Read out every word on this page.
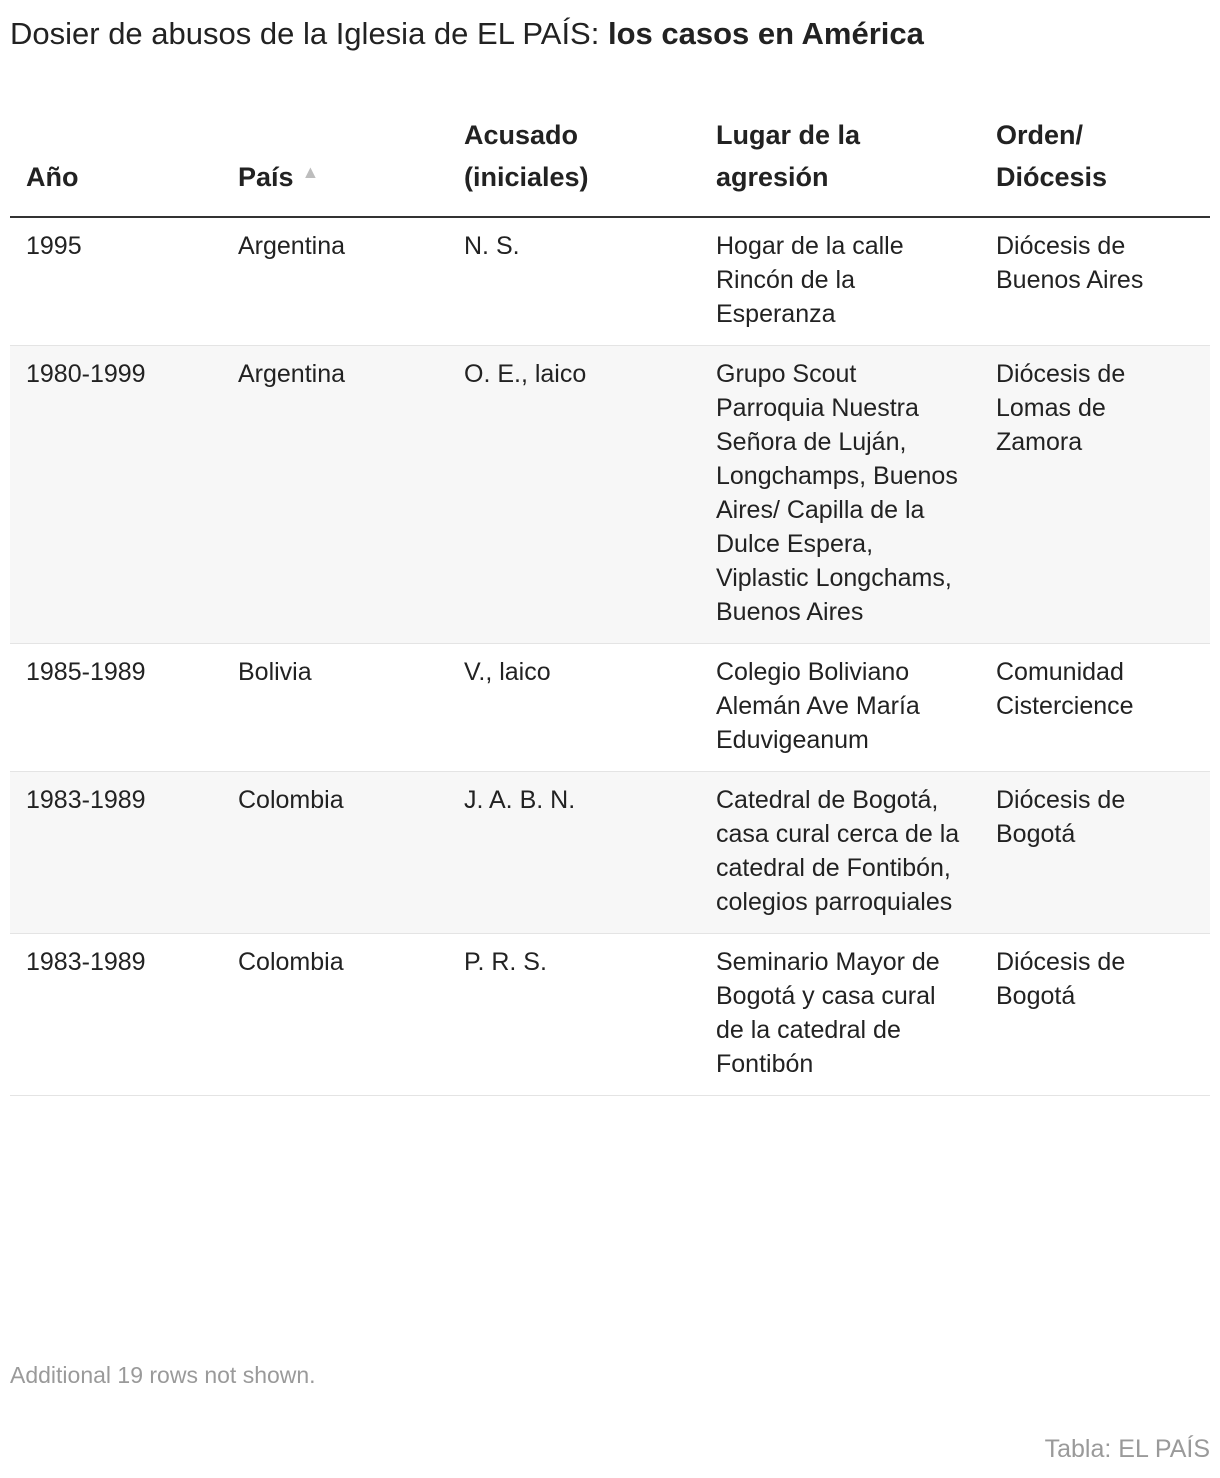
Dosier de abusos de la Iglesia de EL PAÍS: los casos en América
Año	País ▲	Acusado (iniciales)	Lugar de la agresión	Orden/ Diócesis
1995	Argentina	N. S.	Hogar de la calle Rincón de la Esperanza	Diócesis de Buenos Aires
1980-1999	Argentina	O. E., laico	Grupo Scout Parroquia Nuestra Señora de Luján, Longchamps, Buenos Aires/ Capilla de la Dulce Espera, Viplastic Longchams, Buenos Aires	Diócesis de Lomas de Zamora
1985-1989	Bolivia	V., laico	Colegio Boliviano Alemán Ave María Eduvigeanum	Comunidad Cistercience
1983-1989	Colombia	J. A. B. N.	Catedral de Bogotá, casa cural cerca de la catedral de Fontibón, colegios parroquiales	Diócesis de Bogotá
1983-1989	Colombia	P. R. S.	Seminario Mayor de Bogotá y casa cural de la catedral de Fontibón	Diócesis de Bogotá
Additional 19 rows not shown.
Tabla: EL PAÍS
